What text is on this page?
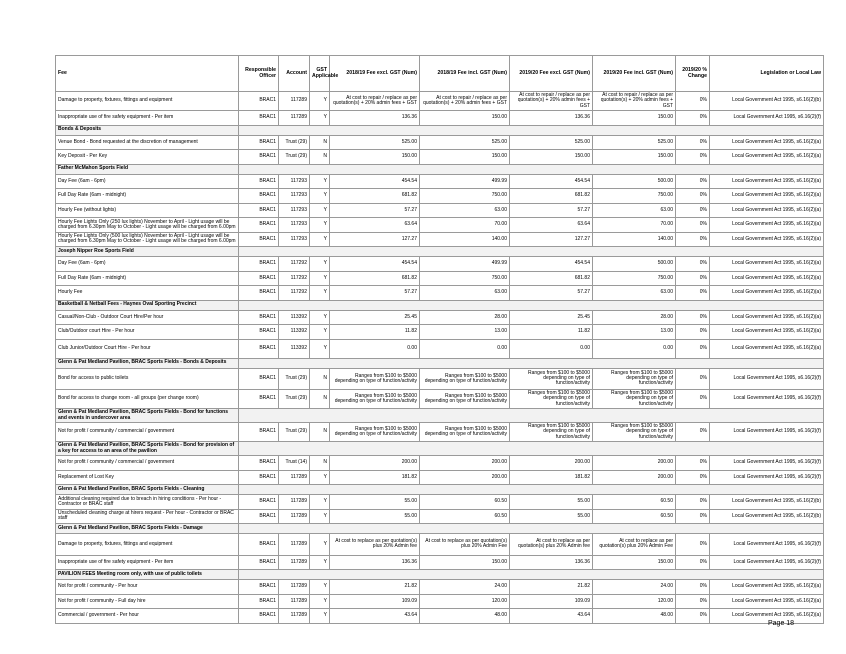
Fee	Responsible Officer	Account	GST Applicable	2018/19 Fee excl. GST (Num)	2018/19 Fee incl. GST (Num)	2019/20 Fee excl. GST (Num)	2019/20 Fee incl. GST (Num)	2019/20 % Change	Legislation or Local Law
Damage to property, fixtures, fittings and equipment	BRAC1	117289	Y	At cost to repair / replace as per quotation(s) + 20% admin fees + GST	At cost to repair / replace as per quotation(s) + 20% admin fees + GST	At cost to repair / replace as per quotation(s) + 20% admin fees + GST	At cost to repair / replace as per quotation(s) + 20% admin fees + GST	0%	Local Government Act 1995, s6.16(2)(b)
Inappropriate use of fire safety equipment - Per item	BRAC1	117289	Y	136.36	150.00	136.36	150.00	0%	Local Government Act 1995, s6.16(2)(f)
Bonds & Deposits									
Venue Bond - Bond requested at the discretion of management	BRAC1	Trust (29)	N	525.00	525.00	525.00	525.00	0%	Local Government Act 1995, s6.16(2)(a)
Key Deposit - Per Key	BRAC1	Trust (29)	N	150.00	150.00	150.00	150.00	0%	Local Government Act 1995, s6.16(2)(a)
Father McMahon Sports Field									
Day Fee (6am - 6pm)	BRAC1	117293	Y	454.54	499.99	454.54	500.00	0%	Local Government Act 1995, s6.16(2)(a)
Full Day Rate (6am - midnight)	BRAC1	117293	Y	681.82	750.00	681.82	750.00	0%	Local Government Act 1995, s6.16(2)(a)
Hourly Fee (without lights)	BRAC1	117293	Y	57.27	63.00	57.27	63.00	0%	Local Government Act 1995, s6.16(2)(a)
Hourly Fee Lights Only (250 lux lights) November to April - Light usage will be charged from 6.30pm May to October - Light usage will be charged from 6.00pm	BRAC1	117293	Y	63.64	70.00	63.64	70.00	0%	Local Government Act 1995, s6.16(2)(a)
Hourly Fee Lights Only (500 lux lights) November to April - Light usage will be charged from 6.30pm May to October - Light usage will be charged from 6.00pm	BRAC1	117293	Y	127.27	140.00	127.27	140.00	0%	Local Government Act 1995, s6.16(2)(a)
Joseph Nipper Roe Sports Field									
Day Fee (6am - 6pm)	BRAC1	117292	Y	454.54	499.99	454.54	500.00	0%	Local Government Act 1995, s6.16(2)(a)
Full Day Rate (6am - midnight)	BRAC1	117292	Y	681.82	750.00	681.82	750.00	0%	Local Government Act 1995, s6.16(2)(a)
Hourly Fee	BRAC1	117292	Y	57.27	63.00	57.27	63.00	0%	Local Government Act 1995, s6.16(2)(a)
Basketball & Netball Fees - Haynes Oval Sporting Precinct									
Casual/Non-Club - Outdoor Court Hire/Per hour	BRAC1	113392	Y	25.45	28.00	25.45	28.00	0%	Local Government Act 1995, s6.16(2)(a)
Club/Outdoor court Hire - Per hour	BRAC1	113392	Y	11.82	13.00	11.82	13.00	0%	Local Government Act 1995, s6.16(2)(a)
Club Junior/Outdoor Court Hire - Per hour	BRAC1	113392	Y	0.00	0.00	0.00	0.00	0%	Local Government Act 1995, s6.16(2)(a)
Glenn & Pat Medland Pavilion, BRAC Sports Fields - Bonds & Deposits									
Bond for access to public toilets	BRAC1	Trust (29)	N	Ranges from $100 to $5000 depending on type of function/activity	Ranges from $100 to $5000 depending on type of function/activity	Ranges from $100 to $5000 depending on type of function/activity	Ranges from $100 to $5000 depending on type of function/activity	0%	Local Government Act 1995, s6.16(2)(f)
Bond for access to change room - all groups (per change room)	BRAC1	Trust (29)	N	Ranges from $100 to $5000 depending on type of function/activity	Ranges from $100 to $5000 depending on type of function/activity	Ranges from $100 to $5000 depending on type of function/activity	Ranges from $100 to $5000 depending on type of function/activity	0%	Local Government Act 1995, s6.16(2)(f)
Glenn & Pat Medland Pavilion, BRAC Sports Fields - Bond for functions and events in undercover area									
Not for profit / community / commercial / government	BRAC1	Trust (29)	N	Ranges from $100 to $5000 depending on type of function/activity	Ranges from $100 to $5000 depending on type of function/activity	Ranges from $100 to $5000 depending on type of function/activity	Ranges from $100 to $5000 depending on type of function/activity	0%	Local Government Act 1995, s6.16(2)(f)
Glenn & Pat Medland Pavilion, BRAC Sports Fields - Bond for provision of a key for access to an area of the pavilion									
Not for profit / community / commercial / government	BRAC1	Trust (14)	N	200.00	200.00	200.00	200.00	0%	Local Government Act 1995, s6.16(2)(f)
Replacement of Lost Key	BRAC1	117289	Y	181.82	200.00	181.82	200.00	0%	Local Government Act 1995, s6.16(2)(f)
Glenn & Pat Medland Pavilion, BRAC Sports Fields - Cleaning									
Additional cleaning required due to breach in hiring conditions - Per hour - Contractor or BRAC staff	BRAC1	117289	Y	55.00	60.50	55.00	60.50	0%	Local Government Act 1995, s6.16(2)(b)
Unscheduled cleaning charge at hirers request - Per hour - Contractor or BRAC staff	BRAC1	117289	Y	55.00	60.50	55.00	60.50	0%	Local Government Act 1995, s6.16(2)(b)
Glenn & Pat Medland Pavilion, BRAC Sports Fields - Damage									
Damage to property, fixtures, fittings and equipment	BRAC1	117289	Y	At cost to replace as per quotation(s) plus 20% Admin fee	At cost to replace as per quotation(s) plus 20% Admin Fee	At cost to replace as per quotation(s) plus 20% Admin fee	At cost to replace as per quotation(s) plus 20% Admin Fee	0%	Local Government Act 1995, s6.16(2)(f)
Inappropriate use of fire safety equipment - Per item	BRAC1	117289	Y	136.36	150.00	136.36	150.00	0%	Local Government Act 1995, s6.16(2)(f)
PAVILION FEES Meeting room only, with use of public toilets									
Not for profit / community - Per hour	BRAC1	117289	Y	21.82	24.00	21.82	24.00	0%	Local Government Act 1995, s6.16(2)(a)
Not for profit / community - Full day hire	BRAC1	117289	Y	109.09	120.00	109.09	120.00	0%	Local Government Act 1995, s6.16(2)(a)
Commercial / government - Per hour	BRAC1	117289	Y	43.64	48.00	43.64	48.00	0%	Local Government Act 1995, s6.16(2)(a)
Page 18
